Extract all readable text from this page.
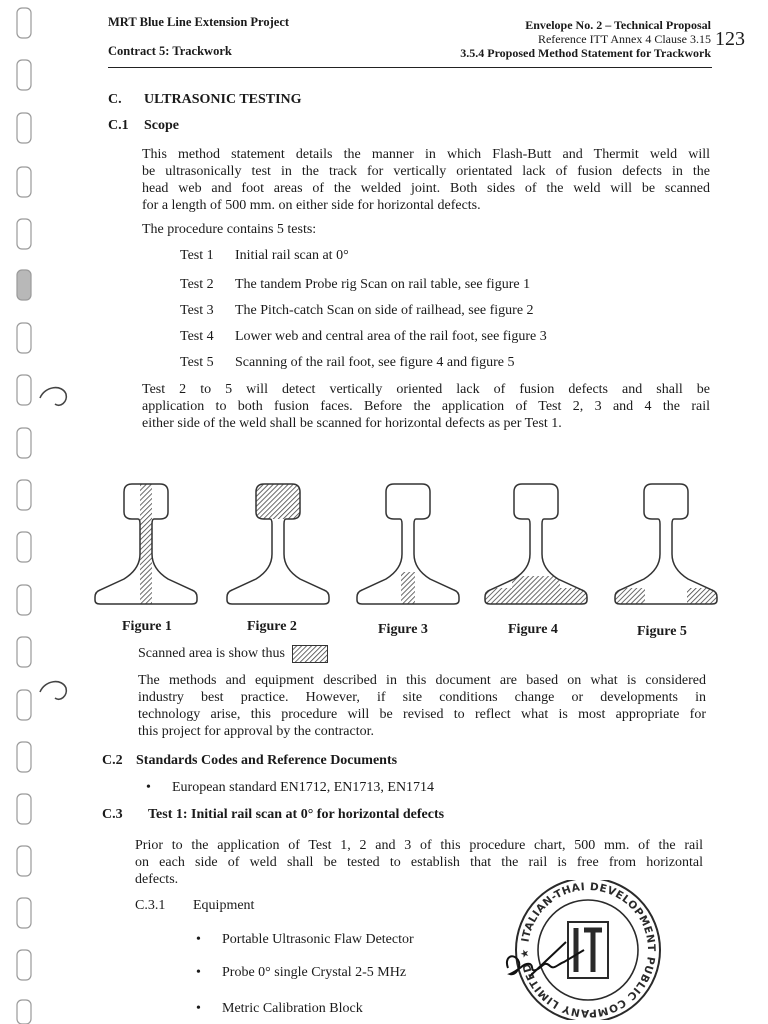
MRT Blue Line Extension Project
Contract 5: Trackwork
Envelope No. 2 – Technical Proposal
Reference ITT Annex 4 Clause 3.15
3.5.4 Proposed Method Statement for Trackwork
123
C. ULTRASONIC TESTING
C.1 Scope
This method statement details the manner in which Flash-Butt and Thermit weld will
be ultrasonically test in the track for vertically orientated lack of fusion defects in the
head web and foot areas of the welded joint. Both sides of the weld will be scanned
for a length of 500 mm. on either side for horizontal defects.
The procedure contains 5 tests:
Test 1 Initial rail scan at 0°
Test 2 The tandem Probe rig Scan on rail table, see figure 1
Test 3 The Pitch-catch Scan on side of railhead, see figure 2
Test 4 Lower web and central area of the rail foot, see figure 3
Test 5 Scanning of the rail foot, see figure 4 and figure 5
Test 2 to 5 will detect vertically oriented lack of fusion defects and shall be
application to both fusion faces. Before the application of Test 2, 3 and 4 the rail
either side of the weld shall be scanned for horizontal defects as per Test 1.
Figure 1	Figure 2	Figure 3	Figure 4	Figure 5
Scanned area is show thus
The methods and equipment described in this document are based on what is considered
industry best practice. However, if site conditions change or developments in
technology arise, this procedure will be revised to reflect what is most appropriate for
this project for approval by the contractor.
C.2 Standards Codes and Reference Documents
• European standard EN1712, EN1713, EN1714
C.3 Test 1: Initial rail scan at 0° for horizontal defects
Prior to the application of Test 1, 2 and 3 of this procedure chart, 500 mm. of the rail
on each side of weld shall be tested to establish that the rail is free from horizontal
defects.
C.3.1 Equipment
• Portable Ultrasonic Flaw Detector
• Probe 0° single Crystal 2-5 MHz
• Metric Calibration Block
ITALIAN-THAI DEVELOPMENT PUBLIC COMPANY LIMITED ★
